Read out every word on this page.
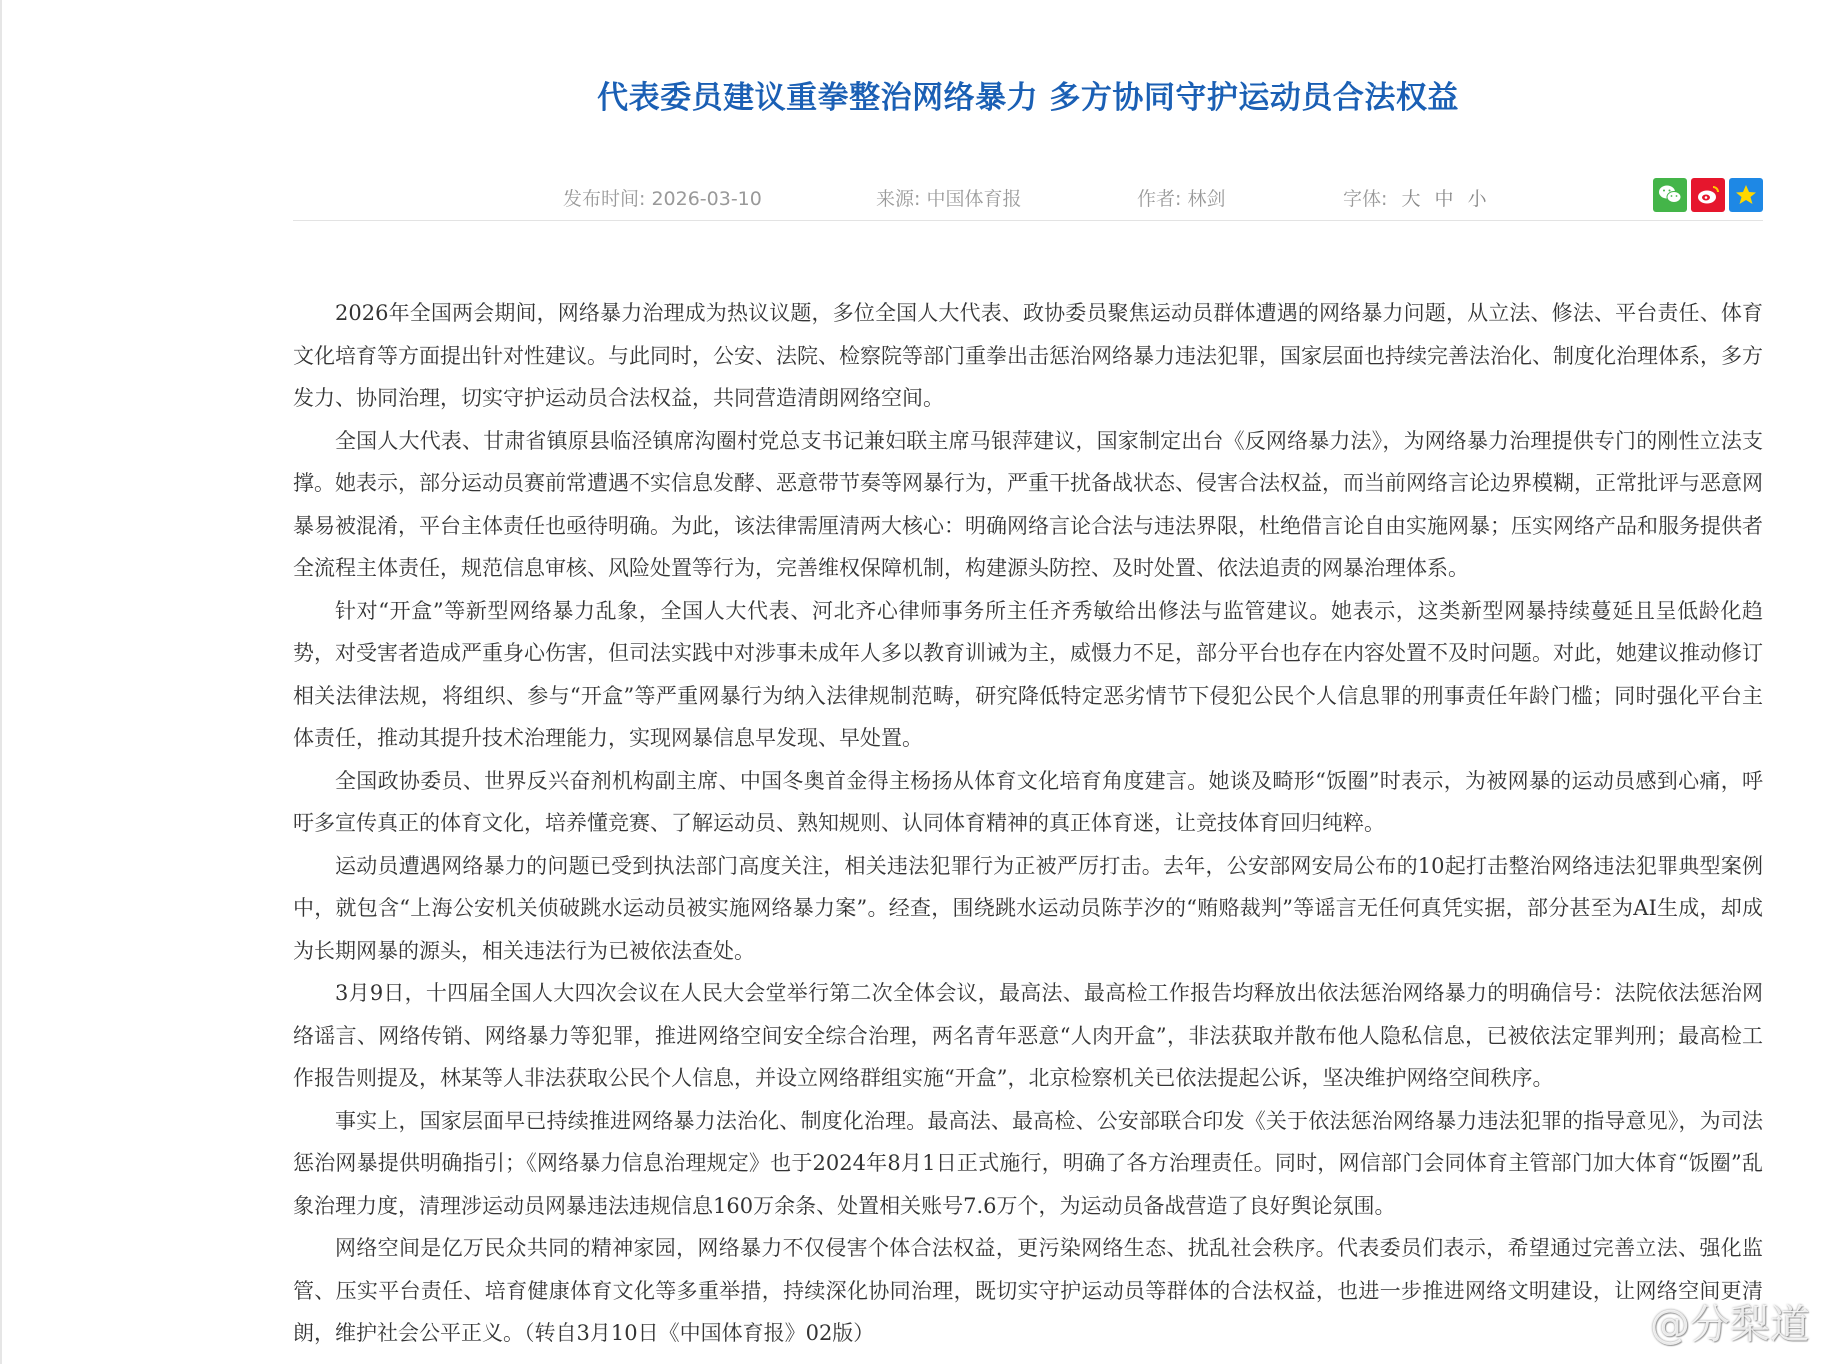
代表委员建议重拳整治网络暴力 多方协同守护运动员合法权益
发布时间: 2026-03-10	来源: 中国体育报	作者: 林剑	字体: 大 中 小

2026年全国两会期间，网络暴力治理成为热议议题，多位全国人大代表、政协委员聚焦运动员群体遭遇的网络暴力问题，从立法、修法、平台责任、体育文化培育等方面提出针对性建议。与此同时，公安、法院、检察院等部门重拳出击惩治网络暴力违法犯罪，国家层面也持续完善法治化、制度化治理体系，多方发力、协同治理，切实守护运动员合法权益，共同营造清朗网络空间。

全国人大代表、甘肃省镇原县临泾镇席沟圈村党总支书记兼妇联主席马银萍建议，国家制定出台《反网络暴力法》，为网络暴力治理提供专门的刚性立法支撑。她表示，部分运动员赛前常遭遇不实信息发酵、恶意带节奏等网暴行为，严重干扰备战状态、侵害合法权益，而当前网络言论边界模糊，正常批评与恶意网暴易被混淆，平台主体责任也亟待明确。为此，该法律需厘清两大核心：明确网络言论合法与违法界限，杜绝借言论自由实施网暴；压实网络产品和服务提供者全流程主体责任，规范信息审核、风险处置等行为，完善维权保障机制，构建源头防控、及时处置、依法追责的网暴治理体系。

针对“开盒”等新型网络暴力乱象，全国人大代表、河北齐心律师事务所主任齐秀敏给出修法与监管建议。她表示，这类新型网暴持续蔓延且呈低龄化趋势，对受害者造成严重身心伤害，但司法实践中对涉事未成年人多以教育训诫为主，威慑力不足，部分平台也存在内容处置不及时问题。对此，她建议推动修订相关法律法规，将组织、参与“开盒”等严重网暴行为纳入法律规制范畴，研究降低特定恶劣情节下侵犯公民个人信息罪的刑事责任年龄门槛；同时强化平台主体责任，推动其提升技术治理能力，实现网暴信息早发现、早处置。

全国政协委员、世界反兴奋剂机构副主席、中国冬奥首金得主杨扬从体育文化培育角度建言。她谈及畸形“饭圈”时表示，为被网暴的运动员感到心痛，呼吁多宣传真正的体育文化，培养懂竞赛、了解运动员、熟知规则、认同体育精神的真正体育迷，让竞技体育回归纯粹。

运动员遭遇网络暴力的问题已受到执法部门高度关注，相关违法犯罪行为正被严厉打击。去年，公安部网安局公布的10起打击整治网络违法犯罪典型案例中，就包含“上海公安机关侦破跳水运动员被实施网络暴力案”。经查，围绕跳水运动员陈芋汐的“贿赂裁判”等谣言无任何真凭实据，部分甚至为AI生成，却成为长期网暴的源头，相关违法行为已被依法查处。

3月9日，十四届全国人大四次会议在人民大会堂举行第二次全体会议，最高法、最高检工作报告均释放出依法惩治网络暴力的明确信号：法院依法惩治网络谣言、网络传销、网络暴力等犯罪，推进网络空间安全综合治理，两名青年恶意“人肉开盒”，非法获取并散布他人隐私信息，已被依法定罪判刑；最高检工作报告则提及，林某等人非法获取公民个人信息，并设立网络群组实施“开盒”，北京检察机关已依法提起公诉，坚决维护网络空间秩序。

事实上，国家层面早已持续推进网络暴力法治化、制度化治理。最高法、最高检、公安部联合印发《关于依法惩治网络暴力违法犯罪的指导意见》，为司法惩治网暴提供明确指引；《网络暴力信息治理规定》也于2024年8月1日正式施行，明确了各方治理责任。同时，网信部门会同体育主管部门加大体育“饭圈”乱象治理力度，清理涉运动员网暴违法违规信息160万余条、处置相关账号7.6万个，为运动员备战营造了良好舆论氛围。

网络空间是亿万民众共同的精神家园，网络暴力不仅侵害个体合法权益，更污染网络生态、扰乱社会秩序。代表委员们表示，希望通过完善立法、强化监管、压实平台责任、培育健康体育文化等多重举措，持续深化协同治理，既切实守护运动员等群体的合法权益，也进一步推进网络文明建设，让网络空间更清朗，维护社会公平正义。（转自3月10日《中国体育报》02版）	@分梨道
